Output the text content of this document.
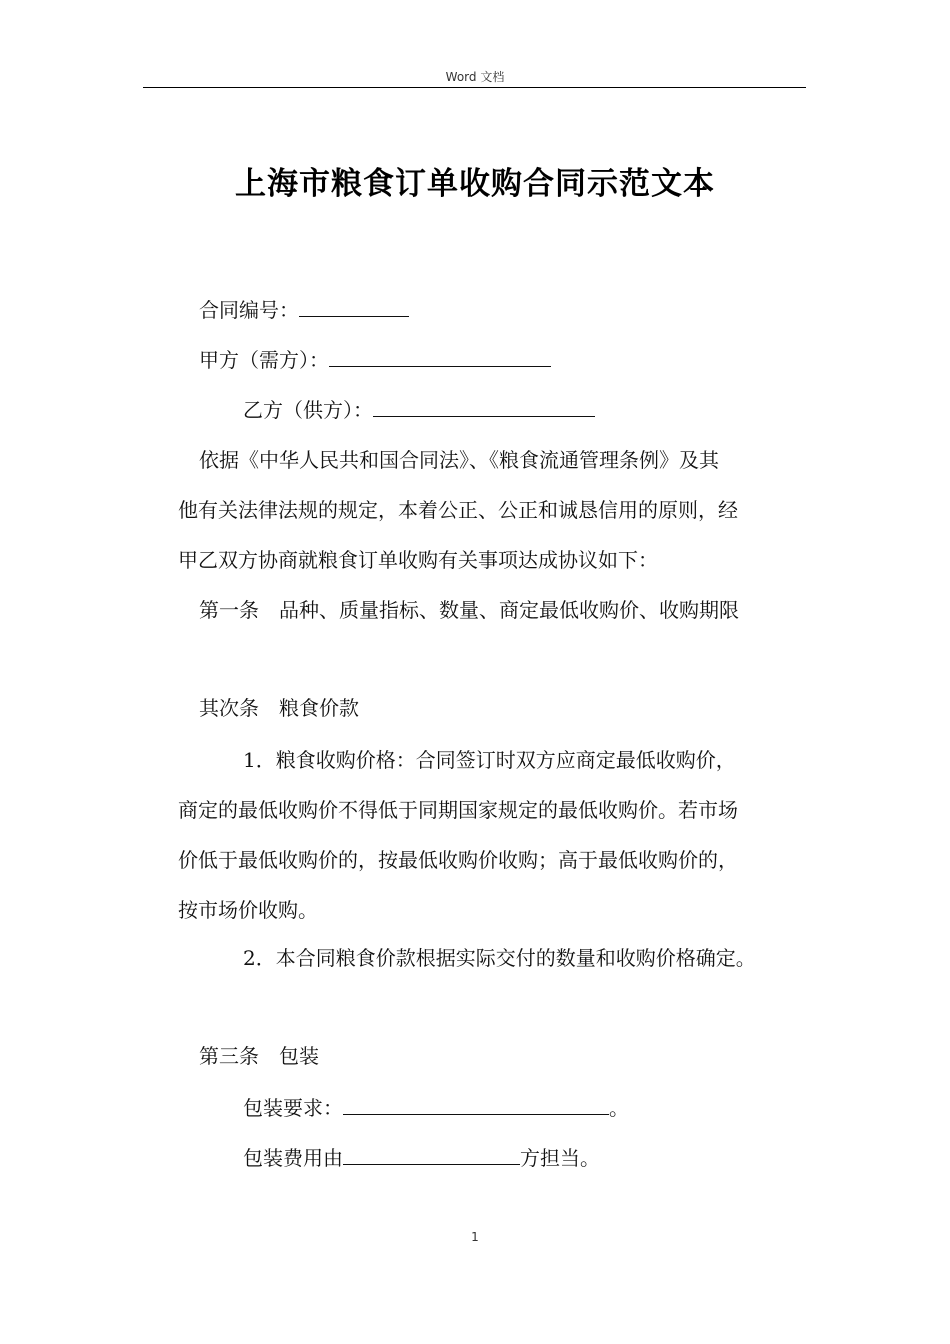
Word 文档
上海市粮食订单收购合同示范文本
合同编号：
甲方（需方）：
乙方（供方）：
依据《中华人民共和国合同法》、《粮食流通管理条例》及其
他有关法律法规的规定，本着公正、公正和诚恳信用的原则，经
甲乙双方协商就粮食订单收购有关事项达成协议如下：
第一条　品种、质量指标、数量、商定最低收购价、收购期限
其次条　粮食价款
1．粮食收购价格：合同签订时双方应商定最低收购价，
商定的最低收购价不得低于同期国家规定的最低收购价。若市场
价低于最低收购价的，按最低收购价收购；高于最低收购价的，
按市场价收购。
2．本合同粮食价款根据实际交付的数量和收购价格确定。
第三条　包装
包装要求：	。
包装费用由	方担当。
1
